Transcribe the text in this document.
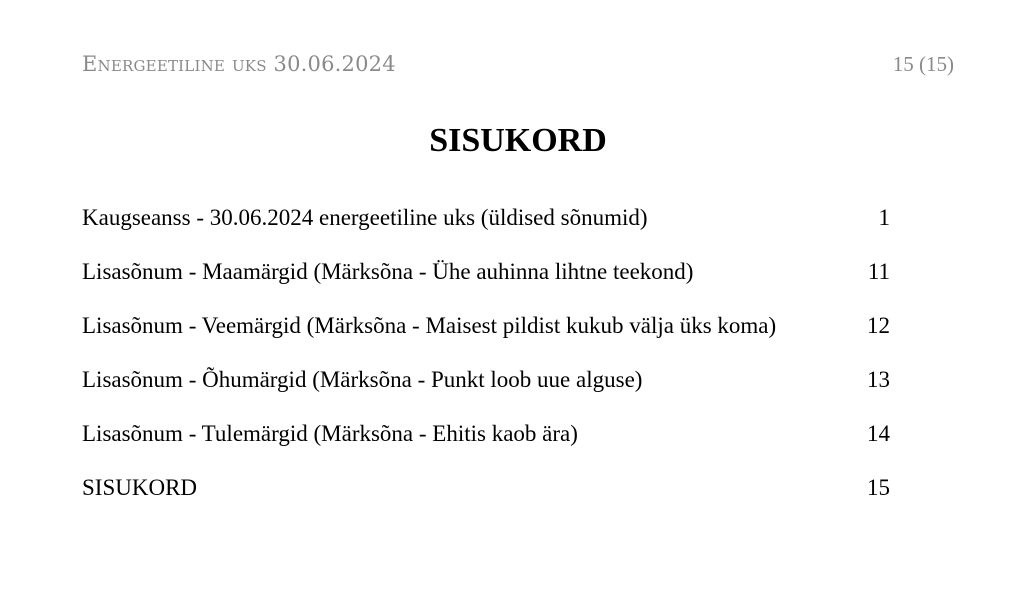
Energeetiline uks 30.06.2024	15 (15)
SISUKORD
Kaugseanss - 30.06.2024 energeetiline uks (üldised sõnumid)	1
Lisasõnum - Maamärgid (Märksõna - Ühe auhinna lihtne teekond)	11
Lisasõnum - Veemärgid (Märksõna - Maisest pildist kukub välja üks koma)	12
Lisasõnum - Õhumärgid (Märksõna - Punkt loob uue alguse)	13
Lisasõnum - Tulemärgid (Märksõna - Ehitis kaob ära)	14
SISUKORD	15
